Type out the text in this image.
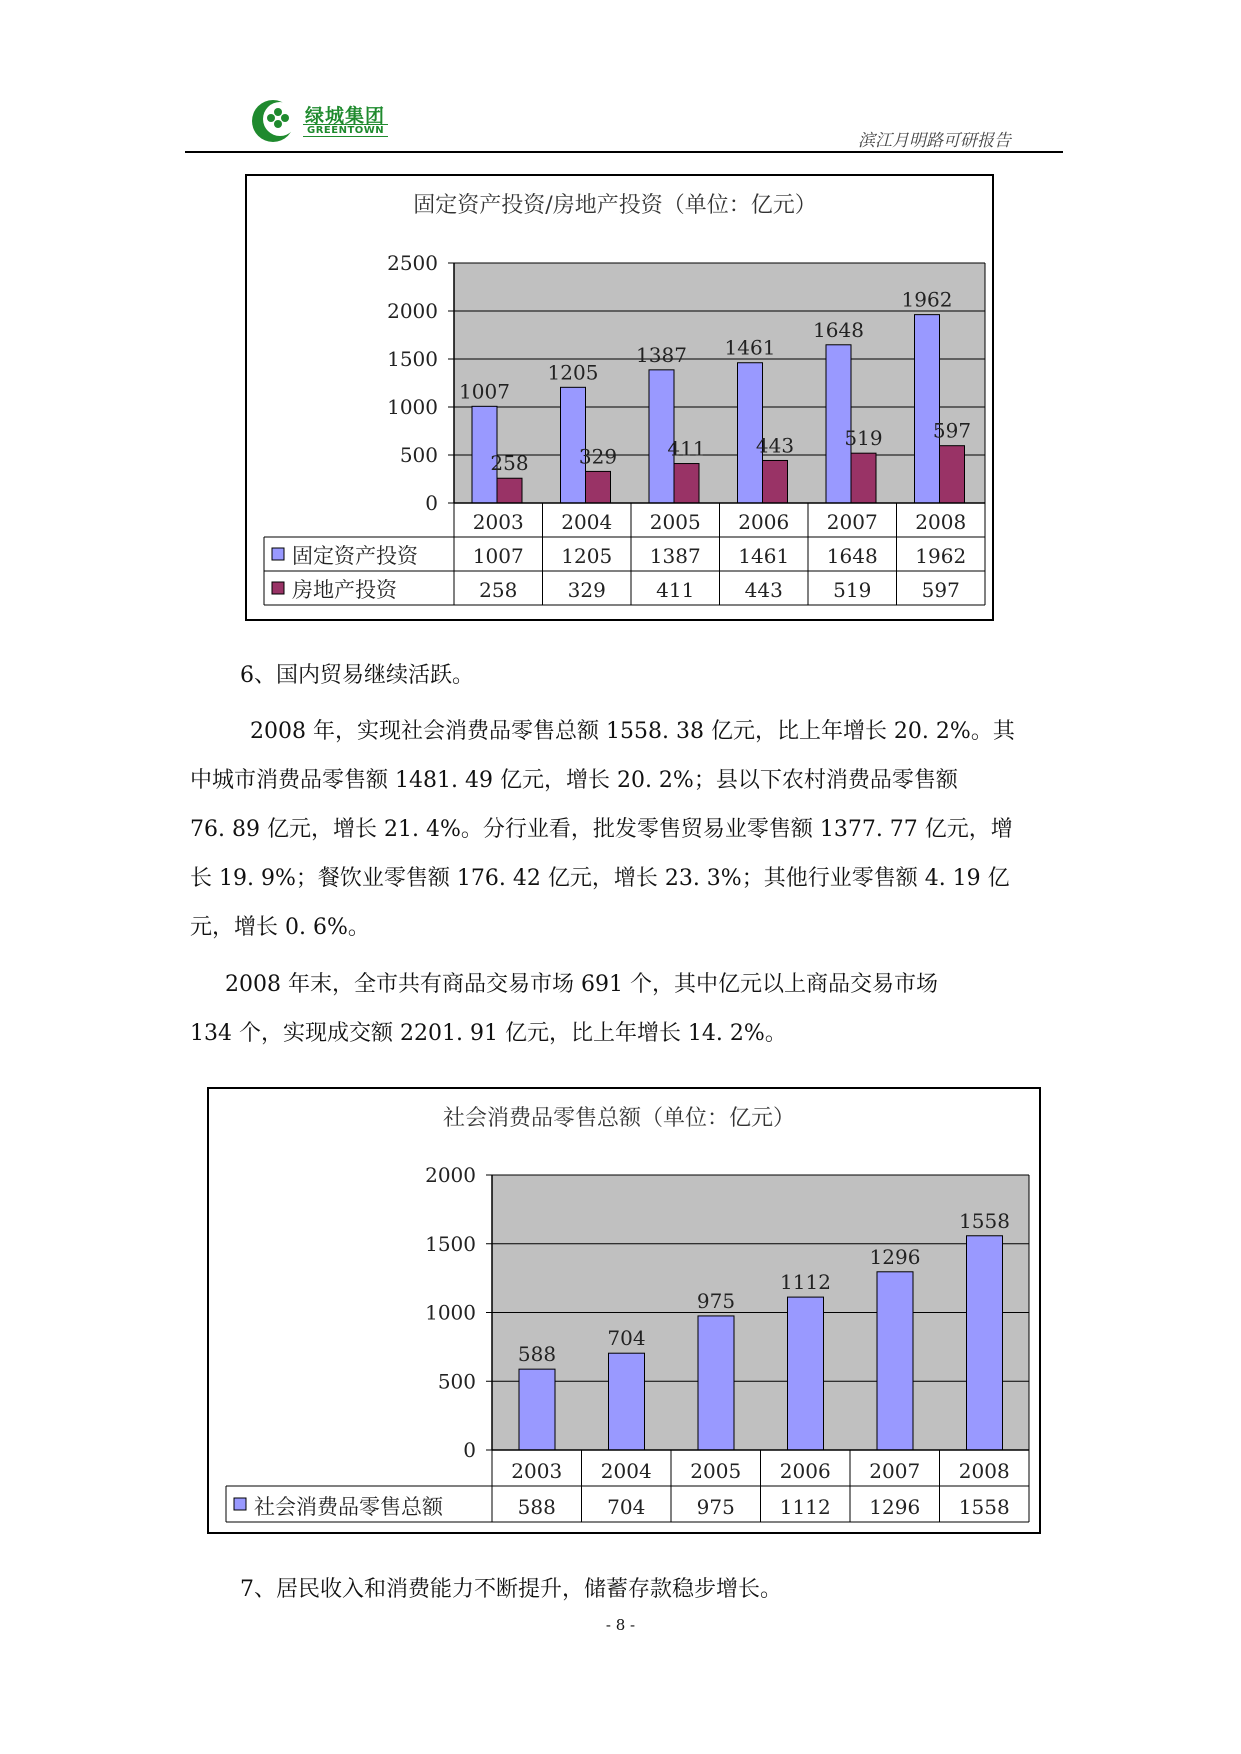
绿城集团
GREENTOWN
滨江月明路可研报告
固定资产投资/房地产投资（单位：亿元）
2500
2000
1500
1000
500
0
1007
1205
1387 1461
1648
1962
258	329	411	443	519	597
2003 2004 2005 2006 2007 2008
固定资产投资	1007 1205 1387 1461 1648 1962
房地产投资	258	329	411	443	519	597
6、国内贸易继续活跃。
2008 年，实现社会消费品零售总额 1558. 38 亿元，比上年增长 20. 2%。其
中城市消费品零售额 1481. 49 亿元，增长 20. 2%；县以下农村消费品零售额
76. 89 亿元，增长 21. 4%。分行业看，批发零售贸易业零售额 1377. 77 亿元，增
长 19. 9%；餐饮业零售额 176. 42 亿元，增长 23. 3%；其他行业零售额 4. 19 亿
元，增长 0. 6%。
2008 年末，全市共有商品交易市场 691 个，其中亿元以上商品交易市场
134 个，实现成交额 2201. 91 亿元，比上年增长 14. 2%。
社会消费品零售总额（单位：亿元）
2000
1500
1000
500
0
588
704
975
1112
1296
1558
2003 2004 2005 2006 2007 2008
社会消费品零售总额	588	704	975 1112 1296 1558
7、居民收入和消费能力不断提升，储蓄存款稳步增长。
- 8 -
